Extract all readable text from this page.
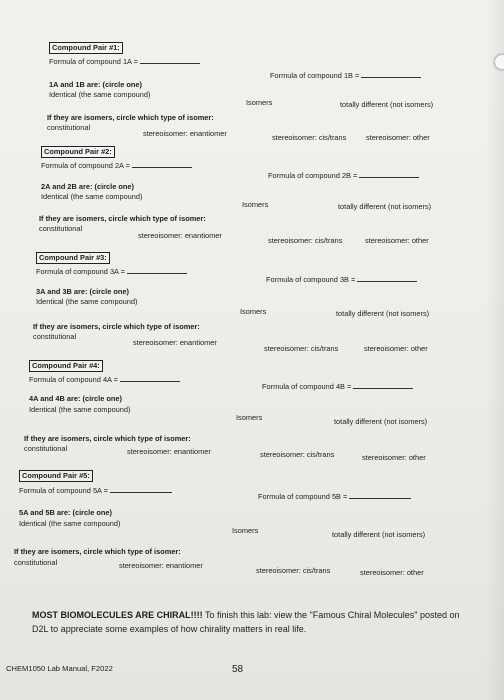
Compound Pair #1:
Formula of compound 1A =
Formula of compound 1B =
1A and 1B are: (circle one)
Identical (the same compound)
Isomers	totally different (not isomers)
If they are isomers, circle which type of isomer:
constitutional
stereoisomer: enantiomer	stereoisomer: cis/trans	stereoisomer: other
Compound Pair #2:
Formula of compound 2A =
Formula of compound 2B =
2A and 2B are: (circle one)
Identical (the same compound)
Isomers	totally different (not isomers)
If they are isomers, circle which type of isomer:
constitutional
stereoisomer: enantiomer
stereoisomer: cis/trans	stereoisomer: other
Compound Pair #3:
Formula of compound 3A =
Formula of compound 3B =
3A and 3B are: (circle one)
Identical (the same compound)
Isomers	totally different (not isomers)
If they are isomers, circle which type of isomer:
constitutional
stereoisomer: enantiomer
stereoisomer: cis/trans	stereoisomer: other
Compound Pair #4:
Formula of compound 4A =
Formula of compound 4B =
4A and 4B are: (circle one)
Identical (the same compound)
Isomers	totally different (not isomers)
If they are isomers, circle which type of isomer:
constitutional	stereoisomer: enantiomer	stereoisomer: cis/trans	stereoisomer: other
Compound Pair #5:
Formula of compound 5A =
Formula of compound 5B =
5A and 5B are: (circle one)
Identical (the same compound)
Isomers	totally different (not isomers)
If they are isomers, circle which type of isomer:
constitutional	stereoisomer: enantiomer
stereoisomer: cis/trans	stereoisomer: other
MOST BIOMOLECULES ARE CHIRAL!!!! To finish this lab: view the "Famous Chiral Molecules" posted on D2L to appreciate some examples of how chirality matters in real life.
CHEM1050 Lab Manual, F2022	58
